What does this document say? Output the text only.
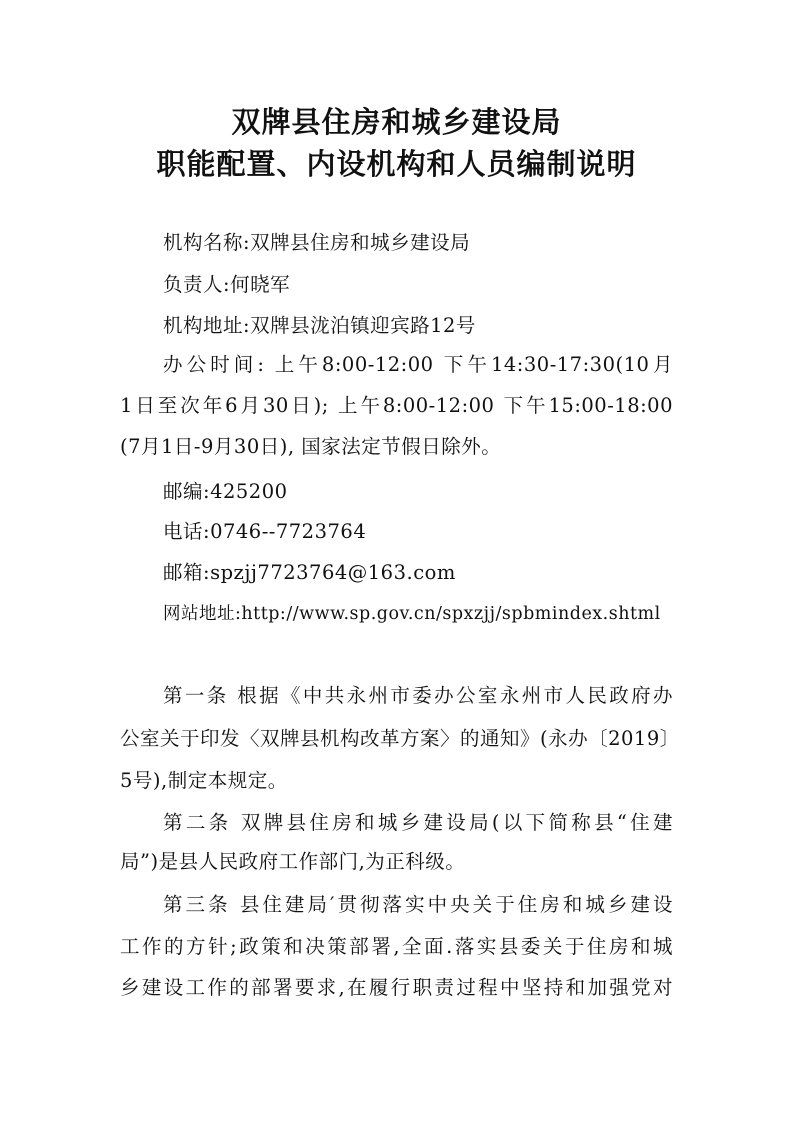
双牌县住房和城乡建设局
职能配置、内设机构和人员编制说明
机构名称:双牌县住房和城乡建设局
负责人:何晓军
机构地址:双牌县泷泊镇迎宾路12号
办公时间: 上午8:00-12:00 下午14:30-17:30(10月
1日至次年6月30日); 上午8:00-12:00 下午15:00-18:00
(7月1日-9月30日), 国家法定节假日除外。
邮编:425200
电话:0746--7723764
邮箱:spzjj7723764@163.com
网站地址:http://www.sp.gov.cn/spxzjj/spbmindex.shtml
第一条 根据《中共永州市委办公室永州市人民政府办
公室关于印发〈双牌县机构改革方案〉的通知》(永办〔2019〕
5号),制定本规定。
第二条 双牌县住房和城乡建设局(以下简称县“住建
局”)是县人民政府工作部门,为正科级。
第三条 县住建局′贯彻落实中央关于住房和城乡建设
工作的方针;政策和决策部署,全面.落实县委关于住房和城
乡建设工作的部署要求,在履行职责过程中坚持和加强党对
